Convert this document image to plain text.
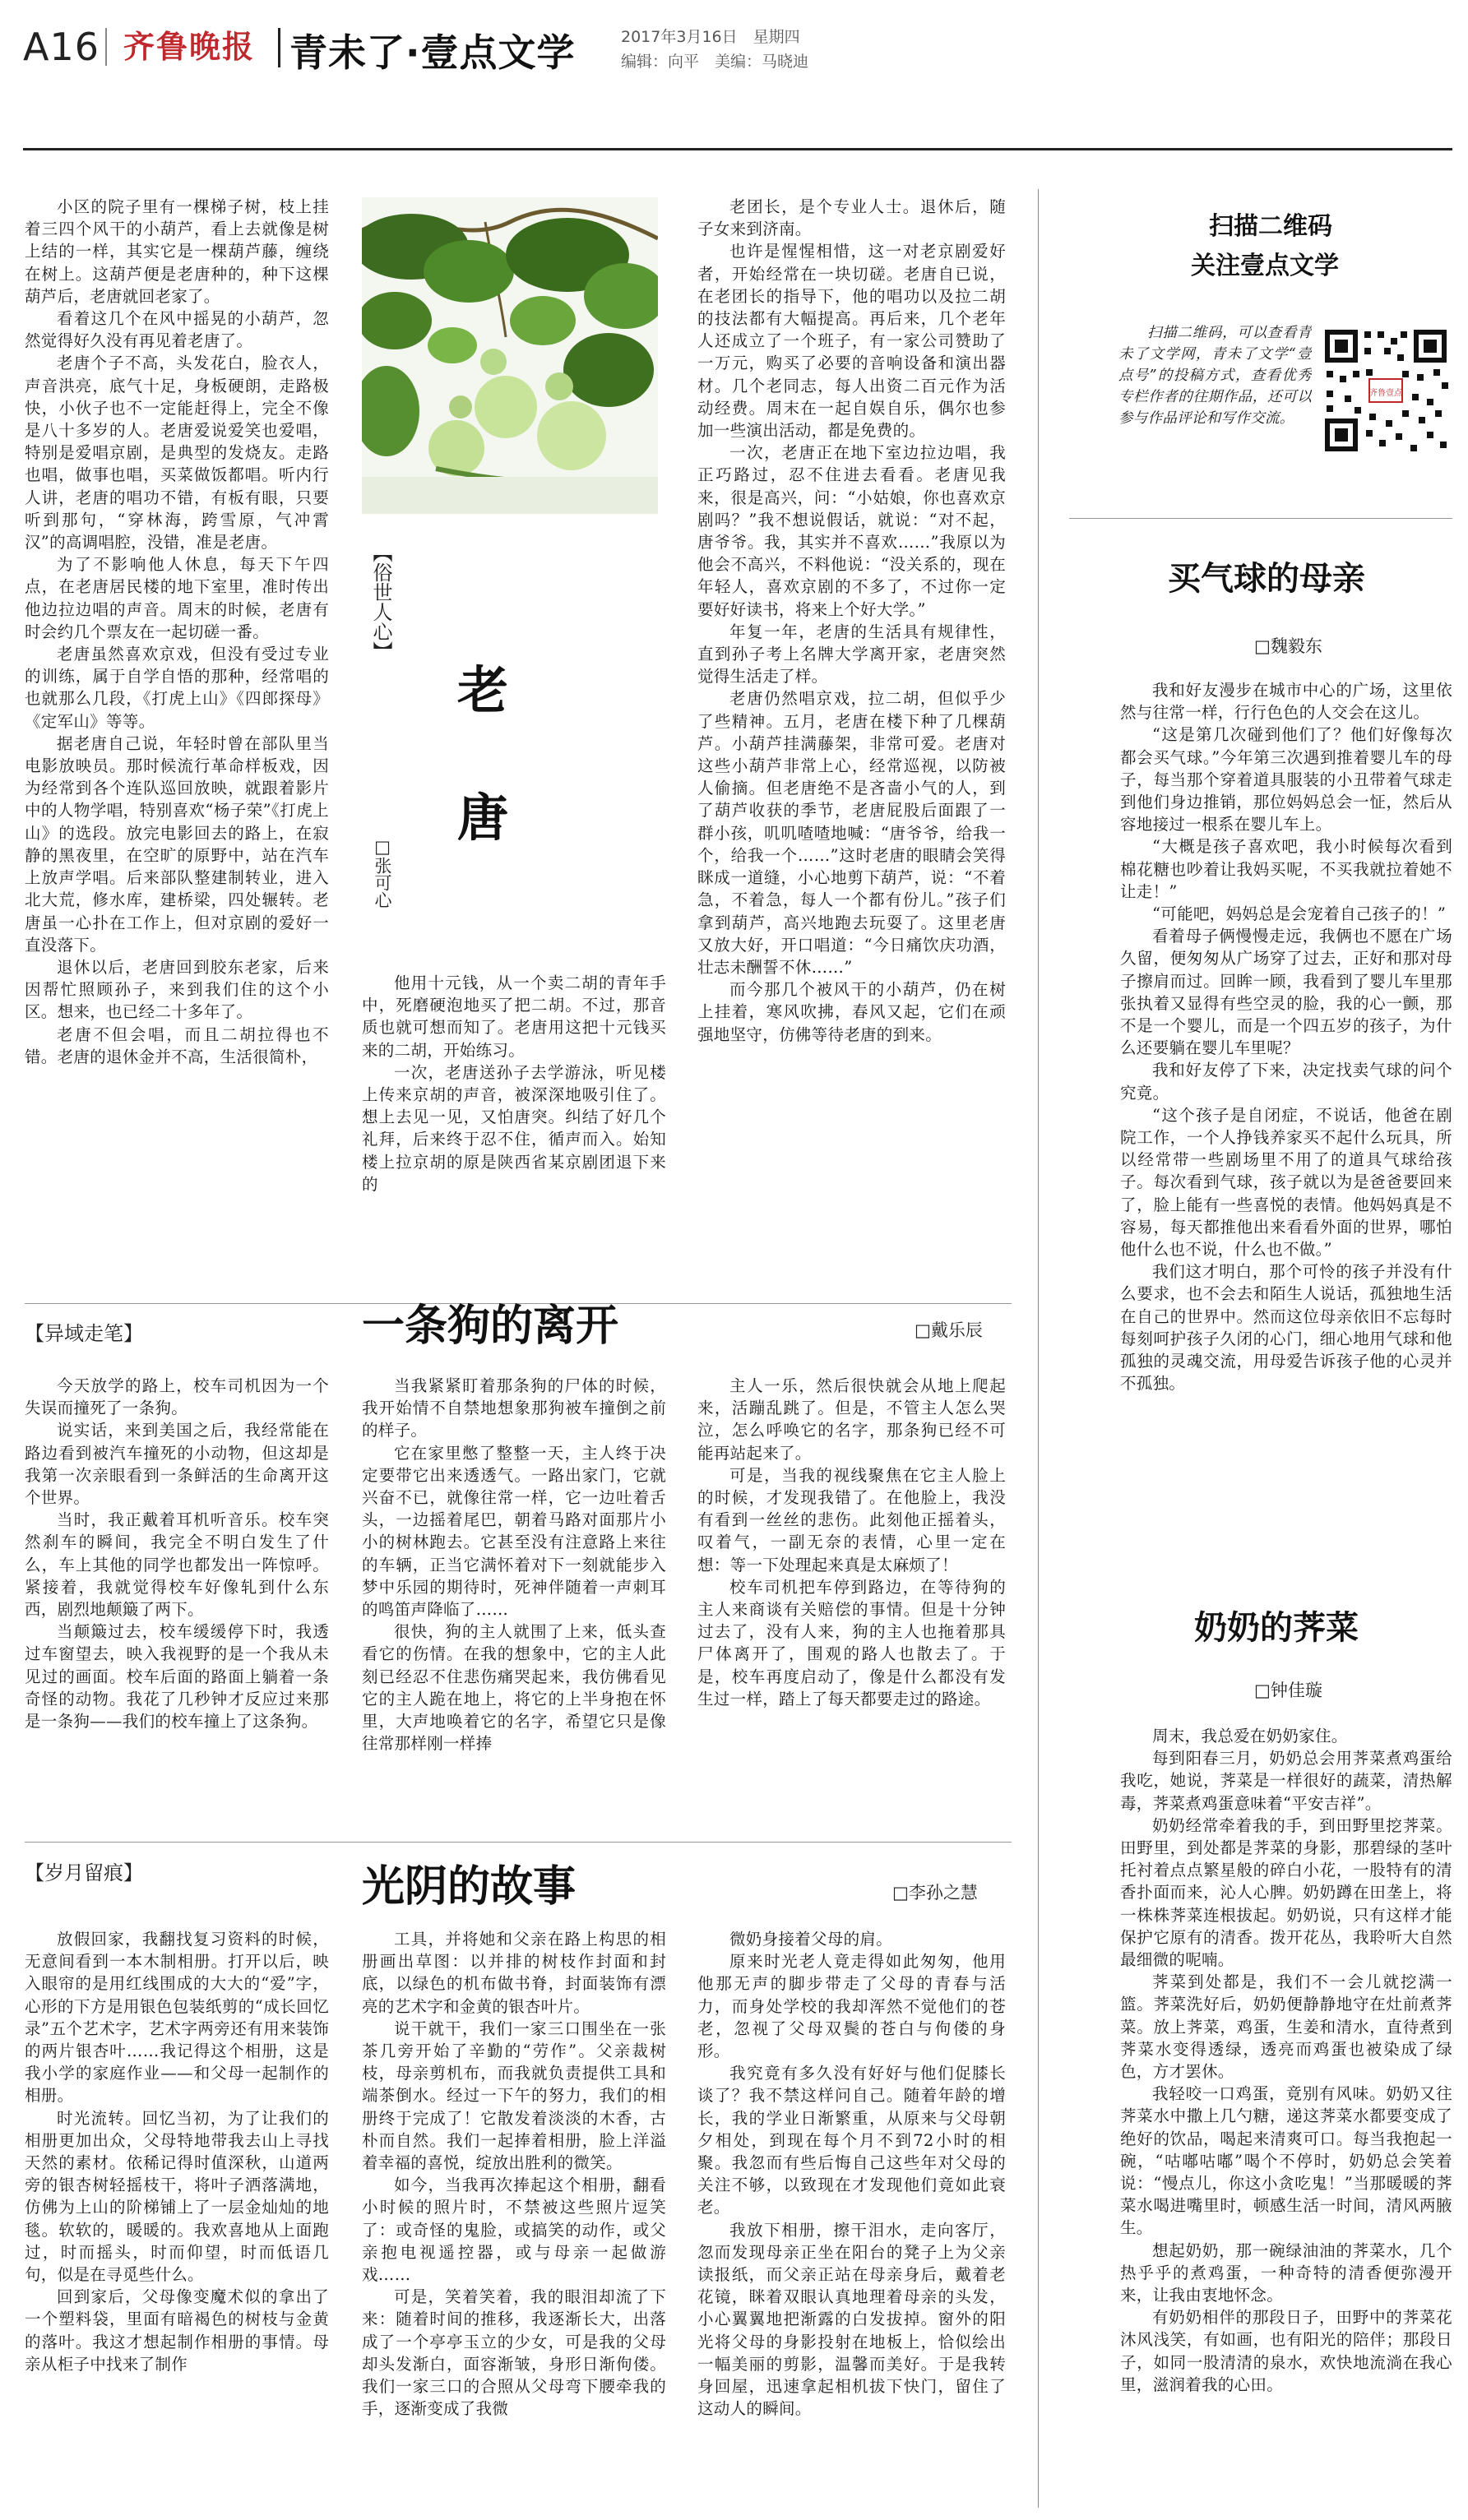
A16 齐鲁晚报 青未了·壹点文学	2017年3月16日　星期四
编辑：向平　美编：马晓迪

小区的院子里有一棵梯子树，枝上挂着三四个风干的小葫芦，看上去就像是树上结的一样，其实它是一棵葫芦藤，缠绕在树上。这葫芦便是老唐种的，种下这棵葫芦后，老唐就回老家了。

看着这几个在风中摇晃的小葫芦，忽然觉得好久没有再见着老唐了。

老唐个子不高，头发花白，脸衣人，声音洪亮，底气十足，身板硬朗，走路极快，小伙子也不一定能赶得上，完全不像是八十多岁的人。老唐爱说爱笑也爱唱，特别是爱唱京剧，是典型的发烧友。走路也唱，做事也唱，买菜做饭都唱。听内行人讲，老唐的唱功不错，有板有眼，只要听到那句，“穿林海，跨雪原，气冲霄汉”的高调唱腔，没错，准是老唐。

为了不影响他人休息，每天下午四点，在老唐居民楼的地下室里，准时传出他边拉边唱的声音。周末的时候，老唐有时会约几个票友在一起切磋一番。

老唐虽然喜欢京戏，但没有受过专业的训练，属于自学自悟的那种，经常唱的也就那么几段，《打虎上山》《四郎探母》《定军山》等等。

据老唐自己说，年轻时曾在部队里当电影放映员。那时候流行革命样板戏，因为经常到各个连队巡回放映，就跟着影片中的人物学唱，特别喜欢“杨子荣”《打虎上山》的选段。放完电影回去的路上，在寂静的黑夜里，在空旷的原野中，站在汽车上放声学唱。后来部队整建制转业，进入北大荒，修水库，建桥梁，四处辗转。老唐虽一心扑在工作上，但对京剧的爱好一直没落下。

退休以后，老唐回到胶东老家，后来因帮忙照顾孙子，来到我们住的这个小区。想来，也已经二十多年了。

老唐不但会唱，而且二胡拉得也不错。老唐的退休金并不高，生活很简朴，

【俗世人心】
老
唐
□张可心

他用十元钱，从一个卖二胡的青年手中，死磨硬泡地买了把二胡。不过，那音质也就可想而知了。老唐用这把十元钱买来的二胡，开始练习。

一次，老唐送孙子去学游泳，听见楼上传来京胡的声音，被深深地吸引住了。想上去见一见，又怕唐突。纠结了好几个礼拜，后来终于忍不住，循声而入。始知楼上拉京胡的原是陕西省某京剧团退下来的

老团长，是个专业人士。退休后，随子女来到济南。

也许是惺惺相惜，这一对老京剧爱好者，开始经常在一块切磋。老唐自已说，在老团长的指导下，他的唱功以及拉二胡的技法都有大幅提高。再后来，几个老年人还成立了一个班子，有一家公司赞助了一万元，购买了必要的音响设备和演出器材。几个老同志，每人出资二百元作为活动经费。周末在一起自娱自乐，偶尔也参加一些演出活动，都是免费的。

一次，老唐正在地下室边拉边唱，我正巧路过，忍不住进去看看。老唐见我来，很是高兴，问：“小姑娘，你也喜欢京剧吗？”我不想说假话，就说：“对不起，唐爷爷。我，其实并不喜欢……”我原以为他会不高兴，不料他说：“没关系的，现在年轻人，喜欢京剧的不多了，不过你一定要好好读书，将来上个好大学。”

年复一年，老唐的生活具有规律性，直到孙子考上名牌大学离开家，老唐突然觉得生活走了样。

老唐仍然唱京戏，拉二胡，但似乎少了些精神。五月，老唐在楼下种了几棵葫芦。小葫芦挂满藤架，非常可爱。老唐对这些小葫芦非常上心，经常巡视，以防被人偷摘。但老唐绝不是吝啬小气的人，到了葫芦收获的季节，老唐屁股后面跟了一群小孩，叽叽喳喳地喊：“唐爷爷，给我一个，给我一个……”这时老唐的眼睛会笑得眯成一道缝，小心地剪下葫芦，说：“不着急，不着急，每人一个都有份儿。”孩子们拿到葫芦，高兴地跑去玩耍了。这里老唐又放大好，开口唱道：“今日痛饮庆功酒，壮志未酬誓不休……”

而今那几个被风干的小葫芦，仍在树上挂着，寒风吹拂，春风又起，它们在顽强地坚守，仿佛等待老唐的到来。

【异域走笔】	一条狗的离开	□戴乐辰

今天放学的路上，校车司机因为一个失误而撞死了一条狗。

说实话，来到美国之后，我经常能在路边看到被汽车撞死的小动物，但这却是我第一次亲眼看到一条鲜活的生命离开这个世界。

当时，我正戴着耳机听音乐。校车突然刹车的瞬间，我完全不明白发生了什么，车上其他的同学也都发出一阵惊呼。紧接着，我就觉得校车好像轧到什么东西，剧烈地颠簸了两下。

当颠簸过去，校车缓缓停下时，我透过车窗望去，映入我视野的是一个我从未见过的画面。校车后面的路面上躺着一条奇怪的动物。我花了几秒钟才反应过来那是一条狗——我们的校车撞上了这条狗。

当我紧紧盯着那条狗的尸体的时候，我开始情不自禁地想象那狗被车撞倒之前的样子。

它在家里憋了整整一天，主人终于决定要带它出来透透气。一路出家门，它就兴奋不已，就像往常一样，它一边吐着舌头，一边摇着尾巴，朝着马路对面那片小小的树林跑去。它甚至没有注意路上来往的车辆，正当它满怀着对下一刻就能步入梦中乐园的期待时，死神伴随着一声刺耳的鸣笛声降临了……

很快，狗的主人就围了上来，低头查看它的伤情。在我的想象中，它的主人此刻已经忍不住悲伤痛哭起来，我仿佛看见它的主人跪在地上，将它的上半身抱在怀里，大声地唤着它的名字，希望它只是像往常那样刚一样捧

主人一乐，然后很快就会从地上爬起来，活蹦乱跳了。但是，不管主人怎么哭泣，怎么呼唤它的名字，那条狗已经不可能再站起来了。

可是，当我的视线聚焦在它主人脸上的时候，才发现我错了。在他脸上，我没有看到一丝丝的悲伤。此刻他正摇着头，叹着气，一副无奈的表情，心里一定在想：等一下处理起来真是太麻烦了！

校车司机把车停到路边，在等待狗的主人来商谈有关赔偿的事情。但是十分钟过去了，没有人来，狗的主人也拖着那具尸体离开了，围观的路人也散去了。于是，校车再度启动了，像是什么都没有发生过一样，踏上了每天都要走过的路途。

【岁月留痕】	光阴的故事	□李孙之慧

放假回家，我翻找复习资料的时候，无意间看到一本木制相册。打开以后，映入眼帘的是用红线围成的大大的“爱”字，心形的下方是用银色包装纸剪的“成长回忆录”五个艺术字，艺术字两旁还有用来装饰的两片银杏叶……我记得这个相册，这是我小学的家庭作业——和父母一起制作的相册。

时光流转。回忆当初，为了让我们的相册更加出众，父母特地带我去山上寻找天然的素材。依稀记得时值深秋，山道两旁的银杏树轻摇枝干，将叶子洒落满地，仿佛为上山的阶梯铺上了一层金灿灿的地毯。软软的，暖暖的。我欢喜地从上面跑过，时而摇头，时而仰望，时而低语几句，似是在寻觅些什么。

回到家后，父母像变魔术似的拿出了一个塑料袋，里面有暗褐色的树枝与金黄的落叶。我这才想起制作相册的事情。母亲从柜子中找来了制作

工具，并将她和父亲在路上构思的相册画出草图：以并排的树枝作封面和封底，以绿色的机布做书脊，封面装饰有漂亮的艺术字和金黄的银杏叶片。

说干就干，我们一家三口围坐在一张茶几旁开始了辛勤的“劳作”。父亲裁树枝，母亲剪机布，而我就负责提供工具和端茶倒水。经过一下午的努力，我们的相册终于完成了！它散发着淡淡的木香，古朴而自然。我们一起捧着相册，脸上洋溢着幸福的喜悦，绽放出胜利的微笑。

如今，当我再次捧起这个相册，翻看小时候的照片时，不禁被这些照片逗笑了：或奇怪的鬼脸，或搞笑的动作，或父亲抱电视遥控器，或与母亲一起做游戏……

可是，笑着笑着，我的眼泪却流了下来：随着时间的推移，我逐渐长大，出落成了一个亭亭玉立的少女，可是我的父母却头发渐白，面容渐皱，身形日渐佝偻。我们一家三口的合照从父母弯下腰牵我的手，逐渐变成了我微

微奶身接着父母的肩。

原来时光老人竟走得如此匆匆，他用他那无声的脚步带走了父母的青春与活力，而身处学校的我却浑然不觉他们的苍老，忽视了父母双鬓的苍白与佝偻的身形。

我究竟有多久没有好好与他们促膝长谈了？我不禁这样问自己。随着年龄的增长，我的学业日渐繁重，从原来与父母朝夕相处，到现在每个月不到72小时的相聚。我忽而有些后悔自己这些年对父母的关注不够，以致现在才发现他们竟如此衰老。

我放下相册，擦干泪水，走向客厅，忽而发现母亲正坐在阳台的凳子上为父亲读报纸，而父亲正站在母亲身后，戴着老花镜，眯着双眼认真地理着母亲的头发，小心翼翼地把渐露的白发拔掉。窗外的阳光将父母的身影投射在地板上，恰似绘出一幅美丽的剪影，温馨而美好。于是我转身回屋，迅速拿起相机拔下快门，留住了这动人的瞬间。

扫描二维码
关注壹点文学

扫描二维码，可以查看青未了文学网，青未了文学“壹点号”的投稿方式，查看优秀专栏作者的往期作品，还可以参与作品评论和写作交流。

齐鲁壹点
买气球的母亲
□魏毅东

我和好友漫步在城市中心的广场，这里依然与往常一样，行行色色的人交会在这儿。

“这是第几次碰到他们了？他们好像每次都会买气球。”今年第三次遇到推着婴儿车的母子，每当那个穿着道具服装的小丑带着气球走到他们身边推销，那位妈妈总会一怔，然后从容地接过一根系在婴儿车上。

“大概是孩子喜欢吧，我小时候每次看到棉花糖也吵着让我妈买呢，不买我就拉着她不让走！”

“可能吧，妈妈总是会宠着自己孩子的！”

看着母子俩慢慢走远，我俩也不愿在广场久留，便匆匆从广场穿了过去，正好和那对母子擦肩而过。回眸一顾，我看到了婴儿车里那张执着又显得有些空灵的脸，我的心一颤，那不是一个婴儿，而是一个四五岁的孩子，为什么还要躺在婴儿车里呢？

我和好友停了下来，决定找卖气球的问个究竟。

“这个孩子是自闭症，不说话，他爸在剧院工作，一个人挣钱养家买不起什么玩具，所以经常带一些剧场里不用了的道具气球给孩子。每次看到气球，孩子就以为是爸爸要回来了，脸上能有一些喜悦的表情。他妈妈真是不容易，每天都推他出来看看外面的世界，哪怕他什么也不说，什么也不做。”

我们这才明白，那个可怜的孩子并没有什么要求，也不会去和陌生人说话，孤独地生活在自己的世界中。然而这位母亲依旧不忘每时每刻呵护孩子久闭的心门，细心地用气球和他孤独的灵魂交流，用母爱告诉孩子他的心灵并不孤独。

奶奶的荠菜
□钟佳璇

周末，我总爱在奶奶家住。

每到阳春三月，奶奶总会用荠菜煮鸡蛋给我吃，她说，荠菜是一样很好的蔬菜，清热解毒，荠菜煮鸡蛋意味着“平安吉祥”。

奶奶经常牵着我的手，到田野里挖荠菜。田野里，到处都是荠菜的身影，那碧绿的茎叶托衬着点点繁星般的碎白小花，一股特有的清香扑面而来，沁人心脾。奶奶蹲在田垄上，将一株株荠菜连根拔起。奶奶说，只有这样才能保护它原有的清香。拨开花丛，我聆听大自然最细微的呢喃。

荠菜到处都是，我们不一会儿就挖满一篮。荠菜洗好后，奶奶便静静地守在灶前煮荠菜。放上荠菜，鸡蛋，生姜和清水，直待煮到荠菜水变得透绿，透亮而鸡蛋也被染成了绿色，方才罢休。

我轻咬一口鸡蛋，竟别有风味。奶奶又往荠菜水中撒上几勺糖，递这荠菜水都要变成了绝好的饮品，喝起来清爽可口。每当我抱起一碗，“咕嘟咕嘟”喝个不停时，奶奶总会笑着说：“慢点儿，你这小贪吃鬼！”当那暖暖的荠菜水喝进嘴里时，顿感生活一时间，清风两腋生。

想起奶奶，那一碗绿油油的荠菜水，几个热乎乎的煮鸡蛋，一种奇特的清香便弥漫开来，让我由衷地怀念。

有奶奶相伴的那段日子，田野中的荠菜花沐风浅笑，有如画，也有阳光的陪伴；那段日子，如同一股清清的泉水，欢快地流淌在我心里，滋润着我的心田。
